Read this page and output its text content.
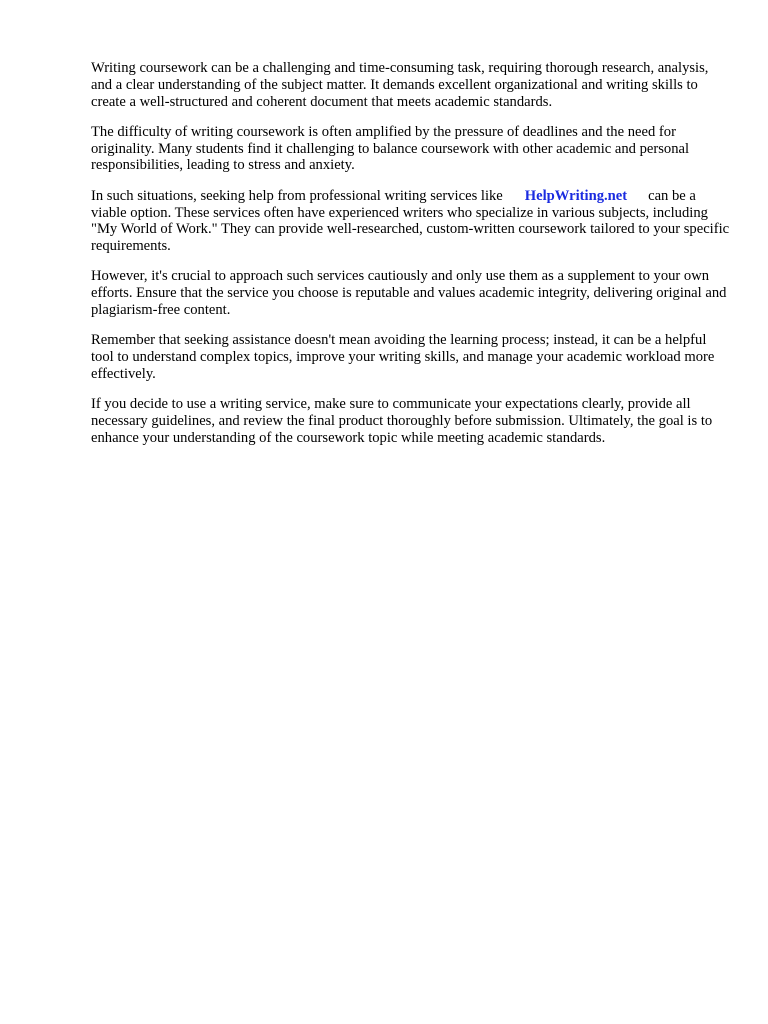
Writing coursework can be a challenging and time-consuming task, requiring thorough research, analysis, and a clear understanding of the subject matter. It demands excellent organizational and writing skills to create a well-structured and coherent document that meets academic standards.

The difficulty of writing coursework is often amplified by the pressure of deadlines and the need for originality. Many students find it challenging to balance coursework with other academic and personal responsibilities, leading to stress and anxiety.

In such situations, seeking help from professional writing services like HelpWriting.net can be a viable option. These services often have experienced writers who specialize in various subjects, including "My World of Work." They can provide well-researched, custom-written coursework tailored to your specific requirements.

However, it's crucial to approach such services cautiously and only use them as a supplement to your own efforts. Ensure that the service you choose is reputable and values academic integrity, delivering original and plagiarism-free content.

Remember that seeking assistance doesn't mean avoiding the learning process; instead, it can be a helpful tool to understand complex topics, improve your writing skills, and manage your academic workload more effectively.

If you decide to use a writing service, make sure to communicate your expectations clearly, provide all necessary guidelines, and review the final product thoroughly before submission. Ultimately, the goal is to enhance your understanding of the coursework topic while meeting academic standards.
